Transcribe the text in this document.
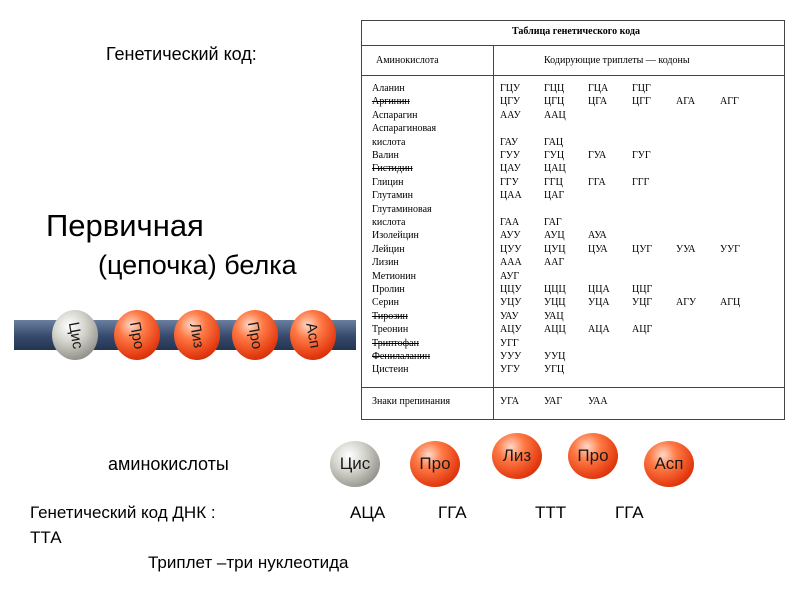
Генетический код:
Первичная
(цепочка) белка
Цис	Про	Лиз Про Асп
Таблица генетического кода
Аминокислота	Кодирующие триплеты — кодоны
Аланин	ГЦУ ГЦЦ ГЦА ГЦГ
Аргинин	ЦГУ ЦГЦ ЦГА ЦГГ	АГА АГГ
Аспарагин	ААУ ААЦ
Аспарагиновая
кислота	ГАУ	ГАЦ
Валин	ГУУ ГУЦ ГУА	ГУГ
Гистидин	ЦАУ ЦАЦ
Глицин	ГГУ	ГГЦ	ГГА	ГГГ
Глутамин	ЦАА ЦАГ
Глутаминовая
кислота	ГАА ГАГ
Изолейцин	АУУ АУЦ АУА
Лейцин	ЦУУ ЦУЦ ЦУА ЦУГ УУА УУГ
Лизин	ААА ААГ
Метионин	АУГ
Пролин	ЦЦУ ЦЦЦ ЦЦА ЦЦГ
Серин	УЦУ УЦЦ УЦА УЦГ АГУ АГЦ
Тирозин	УАУ	УАЦ
Треонин	АЦУ АЦЦ АЦА АЦГ
Триптофан	УГГ
Фенилаланин	УУУ УУЦ
Цистеин	УГУ УГЦ
Знаки препинания	УГА	УАГ	УАА
аминокислоты	Цис	Про	Лиз	Про	Асп
Генетический код ДНК :	АЦА	ГГА	ТТТ	ГГА
ТТА
Триплет –три нуклеотида
